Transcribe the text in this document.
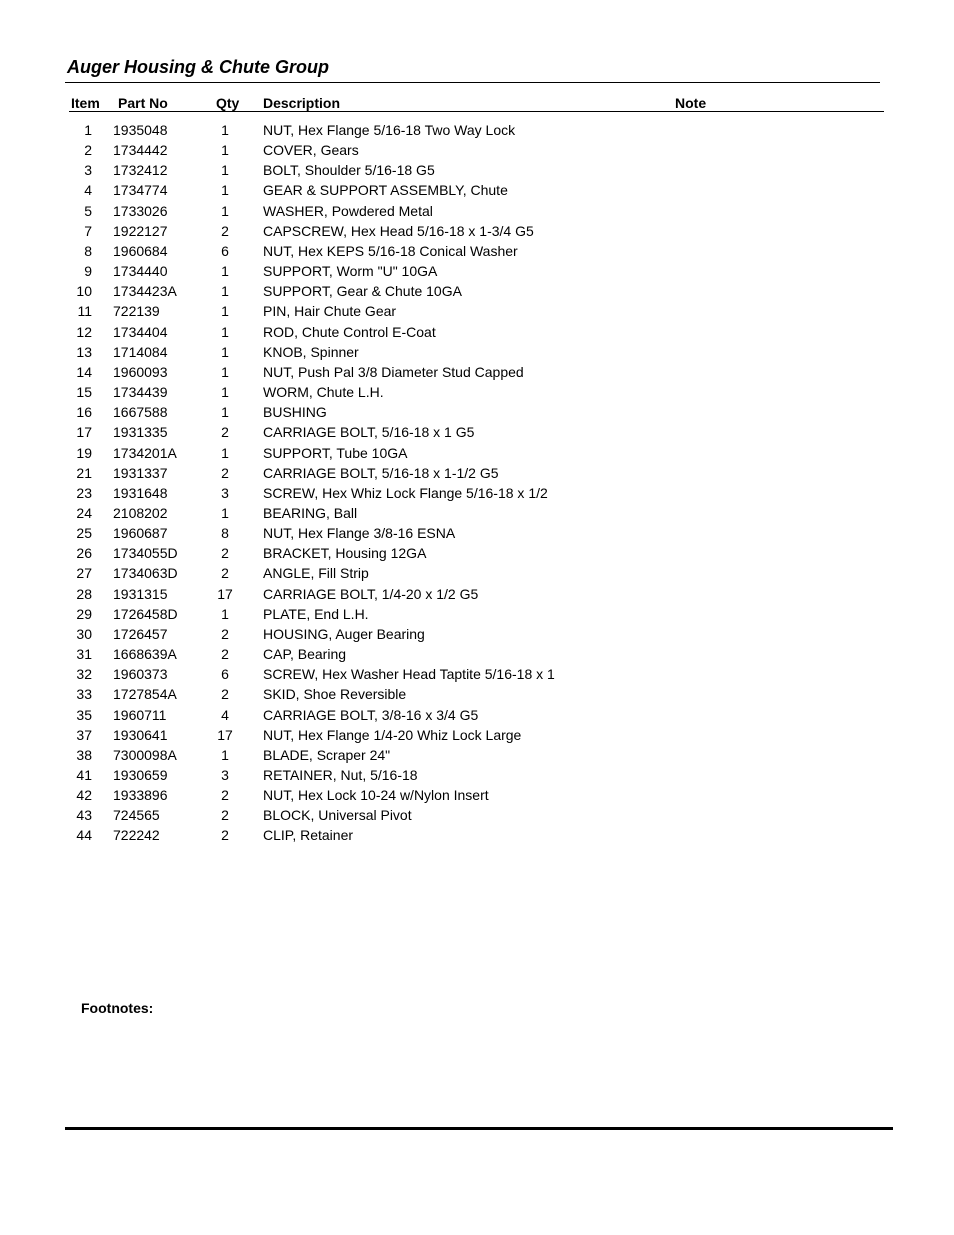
Auger Housing & Chute Group
Item Part No	Qty Description	Note
1 1935048	1	NUT, Hex Flange 5/16-18 Two Way Lock
2 1734442	1	COVER, Gears
3 1732412	1	BOLT, Shoulder 5/16-18 G5
4 1734774	1	GEAR & SUPPORT ASSEMBLY, Chute
5 1733026	1	WASHER, Powdered Metal
7 1922127	2	CAPSCREW, Hex Head 5/16-18 x 1-3/4 G5
8 1960684	6	NUT, Hex KEPS 5/16-18 Conical Washer
9 1734440	1	SUPPORT, Worm "U" 10GA
10 1734423A	1	SUPPORT, Gear & Chute 10GA
11 722139	1	PIN, Hair Chute Gear
12 1734404	1	ROD, Chute Control E-Coat
13 1714084	1	KNOB, Spinner
14 1960093	1	NUT, Push Pal 3/8 Diameter Stud Capped
15 1734439	1	WORM, Chute L.H.
16 1667588	1	BUSHING
17 1931335	2	CARRIAGE BOLT, 5/16-18 x 1 G5
19 1734201A	1	SUPPORT, Tube 10GA
21 1931337	2	CARRIAGE BOLT, 5/16-18 x 1-1/2 G5
23 1931648	3	SCREW, Hex Whiz Lock Flange 5/16-18 x 1/2
24 2108202	1	BEARING, Ball
25 1960687	8	NUT, Hex Flange 3/8-16 ESNA
26 1734055D	2	BRACKET, Housing 12GA
27 1734063D	2	ANGLE, Fill Strip
28 1931315	17	CARRIAGE BOLT, 1/4-20 x 1/2 G5
29 1726458D	1	PLATE, End L.H.
30 1726457	2	HOUSING, Auger Bearing
31 1668639A	2	CAP, Bearing
32 1960373	6	SCREW, Hex Washer Head Taptite 5/16-18 x 1
33 1727854A	2	SKID, Shoe Reversible
35 1960711	4	CARRIAGE BOLT, 3/8-16 x 3/4 G5
37 1930641	17	NUT, Hex Flange 1/4-20 Whiz Lock Large
38 7300098A	1	BLADE, Scraper 24"
41 1930659	3	RETAINER, Nut, 5/16-18
42 1933896	2	NUT, Hex Lock 10-24 w/Nylon Insert
43 724565	2	BLOCK, Universal Pivot
44 722242	2	CLIP, Retainer
Footnotes:
